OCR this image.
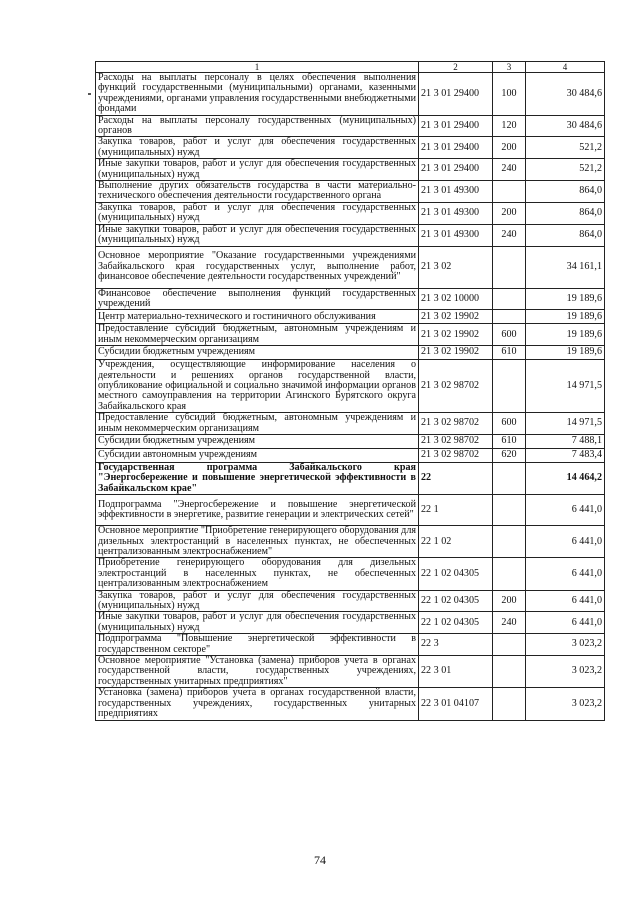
1	2	3	4
Расходы на выплаты персоналу в целях обеспечения выполнения функций государственными (муниципальными) органами, казенными учреждениями, органами управления государственными внебюджетными фондами	21 3 01 29400	100	30 484,6
Расходы на выплаты персоналу государственных (муниципальных) органов	21 3 01 29400	120	30 484,6
Закупка товаров, работ и услуг для обеспечения государственных (муниципальных) нужд	21 3 01 29400	200	521,2
Иные закупки товаров, работ и услуг для обеспечения государственных (муниципальных) нужд	21 3 01 29400	240	521,2
Выполнение других обязательств государства в части материально-технического обеспечения деятельности государственного органа	21 3 01 49300		864,0
Закупка товаров, работ и услуг для обеспечения государственных (муниципальных) нужд	21 3 01 49300	200	864,0
Иные закупки товаров, работ и услуг для обеспечения государственных (муниципальных) нужд	21 3 01 49300	240	864,0
Основное мероприятие "Оказание государственными учреждениями Забайкальского края государственных услуг, выполнение работ, финансовое обеспечение деятельности государственных учреждений"	21 3 02		34 161,1
Финансовое обеспечение выполнения функций государственных учреждений	21 3 02 10000		19 189,6
Центр материально-технического и гостиничного обслуживания	21 3 02 19902		19 189,6
Предоставление субсидий бюджетным, автономным учреждениям и иным некоммерческим организациям	21 3 02 19902	600	19 189,6
Субсидии бюджетным учреждениям	21 3 02 19902	610	19 189,6
Учреждения, осуществляющие информирование населения о деятельности и решениях органов государственной власти, опубликование официальной и социально значимой информации органов местного самоуправления на территории Агинского Бурятского округа Забайкальского края	21 3 02 98702		14 971,5
Предоставление субсидий бюджетным, автономным учреждениям и иным некоммерческим организациям	21 3 02 98702	600	14 971,5
Субсидии бюджетным учреждениям	21 3 02 98702	610	7 488,1
Субсидии автономным учреждениям	21 3 02 98702	620	7 483,4
Государственная программа Забайкальского края "Энергосбережение и повышение энергетической эффективности в Забайкальском крае"	22		14 464,2
Подпрограмма "Энергосбережение и повышение энергетической эффективности в энергетике, развитие генерации и электрических сетей"	22 1		6 441,0
Основное мероприятие "Приобретение генерирующего оборудования для дизельных электростанций в населенных пунктах, не обеспеченных централизованным электроснабжением"	22 1 02		6 441,0
Приобретение генерирующего оборудования для дизельных электростанций в населенных пунктах, не обеспеченных централизованным электроснабжением	22 1 02 04305		6 441,0
Закупка товаров, работ и услуг для обеспечения государственных (муниципальных) нужд	22 1 02 04305	200	6 441,0
Иные закупки товаров, работ и услуг для обеспечения государственных (муниципальных) нужд	22 1 02 04305	240	6 441,0
Подпрограмма "Повышение энергетической эффективности в государственном секторе"	22 3		3 023,2
Основное мероприятие "Установка (замена) приборов учета в органах государственной власти, государственных учреждениях, государственных унитарных предприятиях"	22 3 01		3 023,2
Установка (замена) приборов учета в органах государственной власти, государственных учреждениях, государственных унитарных предприятиях	22 3 01 04107		3 023,2
74
